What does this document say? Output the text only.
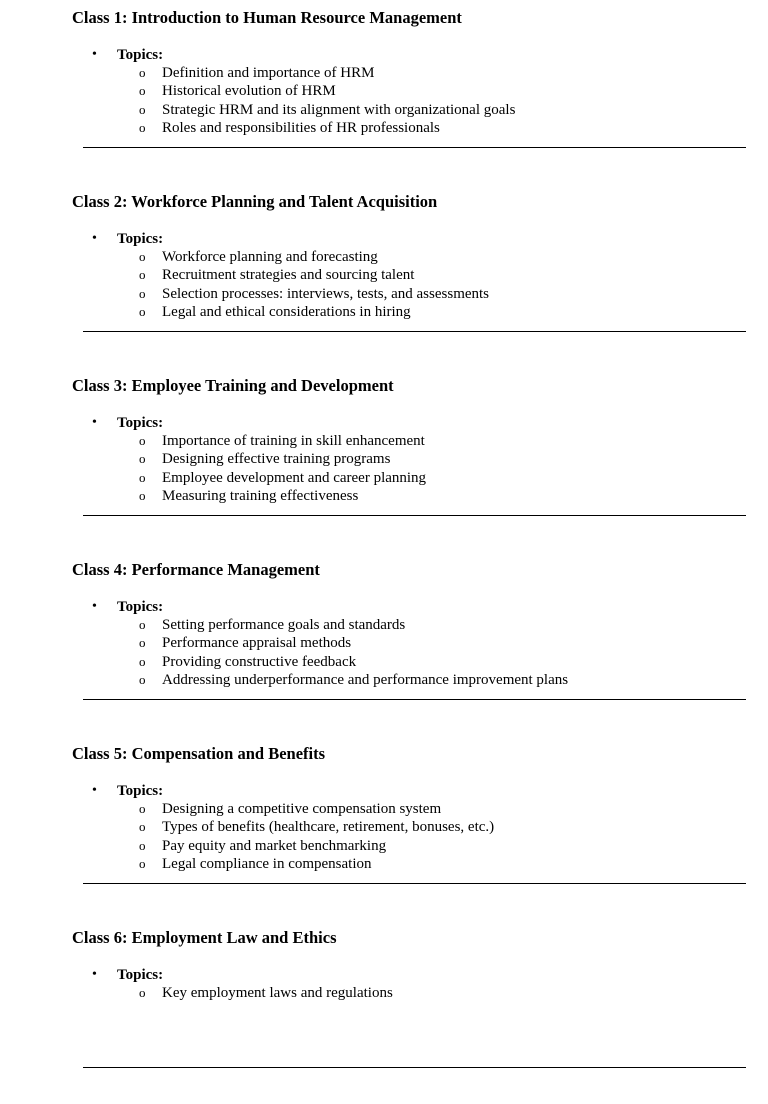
Class 1: Introduction to Human Resource Management
• Topics:
o Definition and importance of HRM
o Historical evolution of HRM
o Strategic HRM and its alignment with organizational goals
o Roles and responsibilities of HR professionals
Class 2: Workforce Planning and Talent Acquisition
• Topics:
o Workforce planning and forecasting
o Recruitment strategies and sourcing talent
o Selection processes: interviews, tests, and assessments
o Legal and ethical considerations in hiring
Class 3: Employee Training and Development
• Topics:
o Importance of training in skill enhancement
o Designing effective training programs
o Employee development and career planning
o Measuring training effectiveness
Class 4: Performance Management
• Topics:
o Setting performance goals and standards
o Performance appraisal methods
o Providing constructive feedback
o Addressing underperformance and performance improvement plans
Class 5: Compensation and Benefits
• Topics:
o Designing a competitive compensation system
o Types of benefits (healthcare, retirement, bonuses, etc.)
o Pay equity and market benchmarking
o Legal compliance in compensation
Class 6: Employment Law and Ethics
• Topics:
o Key employment laws and regulations
